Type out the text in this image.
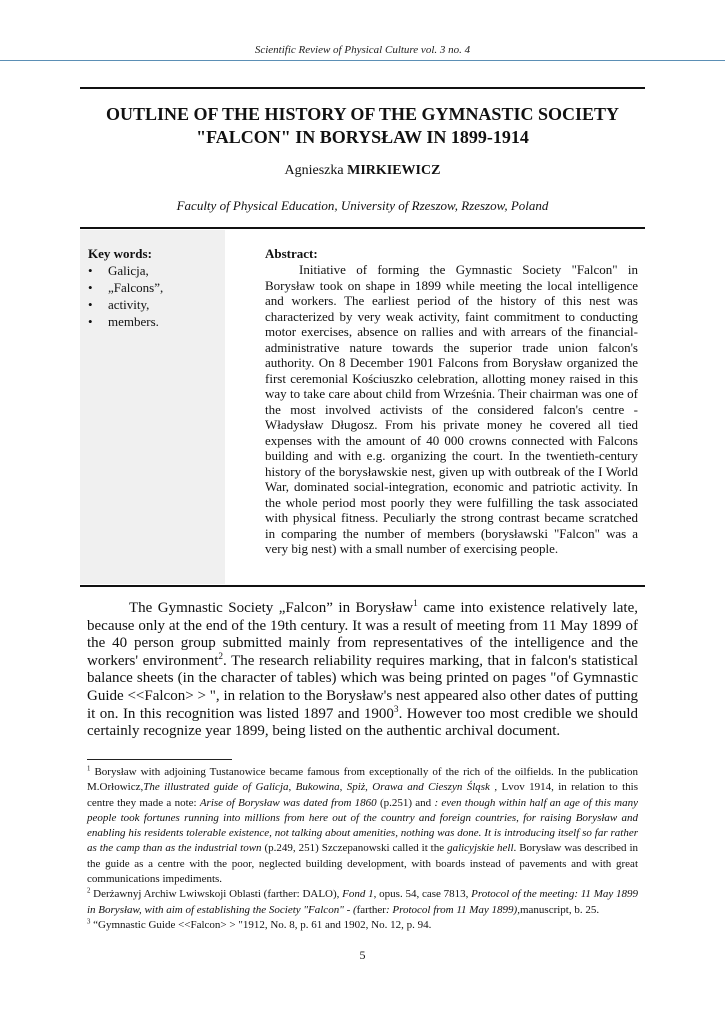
Scientific Review of Physical Culture vol. 3 no. 4
OUTLINE OF THE HISTORY OF THE GYMNASTIC SOCIETY "FALCON" IN BORYSŁAW IN 1899-1914
Agnieszka MIRKIEWICZ
Faculty of Physical Education, University of Rzeszow, Rzeszow, Poland
Key words:
• Galicja,
• „Falcons”,
• activity,
• members.
Abstract:

Initiative of forming the Gymnastic Society "Falcon" in Borysław took on shape in 1899 while meeting the local intelligence and workers. The earliest period of the history of this nest was characterized by very weak activity, faint commitment to conducting motor exercises, absence on rallies and with arrears of the financial-administrative nature towards the superior trade union falcon's authority. On 8 December 1901 Falcons from Borysław organized the first ceremonial Kościuszko celebration, allotting money raised in this way to take care about child from Września. Their chairman was one of the most involved activists of the considered falcon's centre - Władysław Długosz. From his private money he covered all tied expenses with the amount of 40 000 crowns connected with Falcons building and with e.g. organizing the court. In the twentieth-century history of the borysławskie nest, given up with outbreak of the I World War, dominated social-integration, economic and patriotic activity. In the whole period most poorly they were fulfilling the task associated with physical fitness. Peculiarly the strong contrast became scratched in comparing the number of members (borysławski "Falcon" was a very big nest) with a small number of exercising people.

The Gymnastic Society „Falcon” in Borysław$^1$ came into existence relatively late, because only at the end of the 19th century. It was a result of meeting from 11 May 1899 of the 40 person group submitted mainly from representatives of the intelligence and the workers' environment$^2$. The research reliability requires marking, that in falcon's statistical balance sheets (in the character of tables) which was being printed on pages "of Gymnastic Guide <<Falcon> > ", in relation to the Borysław's nest appeared also other dates of putting it on. In this recognition was listed 1897 and 1900$^3$. However too most credible we should certainly recognize year 1899, being listed on the authentic archival document.

$^1$ Borysław with adjoining Tustanowice became famous from exceptionally of the rich of the oilfields. In the publication M.Orłowicz,The illustrated guide of Galicja, Bukowina, Spiż, Orawa and Cieszyn Śląsk , Lvov 1914, in relation to this centre they made a note: Arise of Borysław was dated from 1860 (p.251) and : even though within half an age of this many people took fortunes running into millions from here out of the country and foreign countries, for raising Borysław and enabling his residents tolerable existence, not talking about amenities, nothing was done. It is introducing itself so far rather as the camp than as the industrial town (p.249, 251) Szczepanowski called it the galicyjskie hell. Borysław was described in the guide as a centre with the poor, neglected building development, with boards instead of pavements and with great communications impediments.

$^2$ Derżawnyj Archiw Lwiwskoji Oblasti (farther: DALO), Fond 1, opus. 54, case 7813, Protocol of the meeting: 11 May 1899 in Borysław, with aim of establishing the Society "Falcon" - (farther: Protocol from 11 May 1899),manuscript, b. 25.

$^3$ “Gymnastic Guide <<Falcon> > "1912, No. 8, p. 61 and 1902, No. 12, p. 94.

5
